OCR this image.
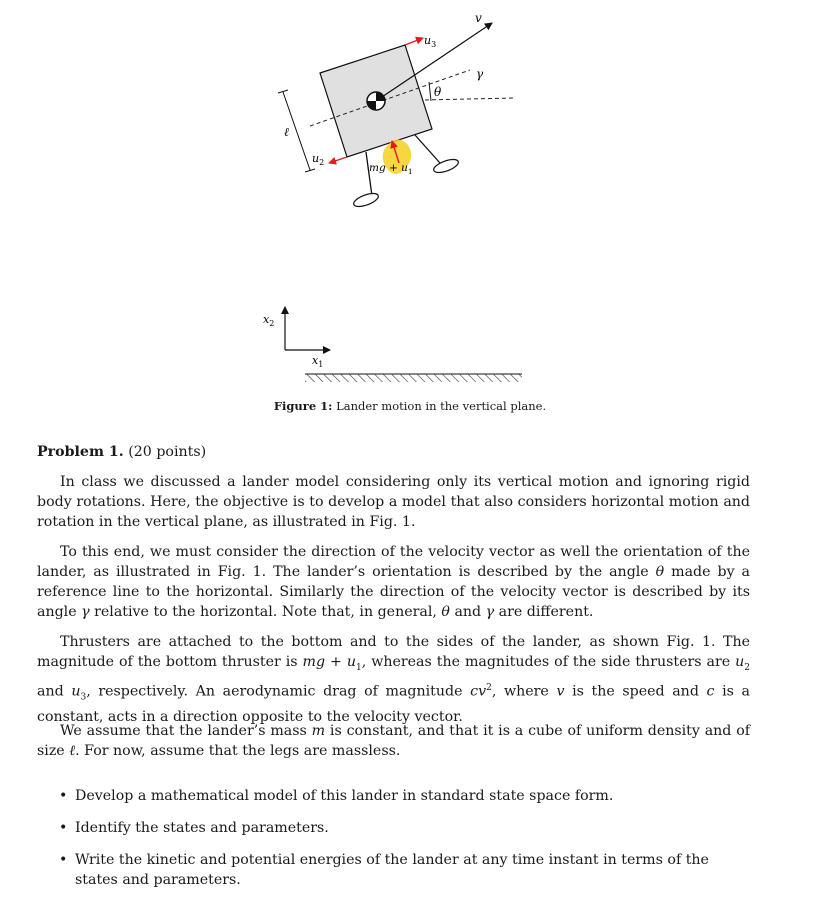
v
$u_3$
γ
θ
ℓ
$u_2$	mg + $u_1$
$x_2$
$x_1$
Figure 1: Lander motion in the vertical plane.
Problem 1. (20 points)

In class we discussed a lander model considering only its vertical motion and ignoring rigid body rotations. Here, the objective is to develop a model that also considers horizontal motion and rotation in the vertical plane, as illustrated in Fig. 1.

To this end, we must consider the direction of the velocity vector as well the orientation of the lander, as illustrated in Fig. 1. The lander’s orientation is described by the angle θ made by a reference line to the horizontal. Similarly the direction of the velocity vector is described by its angle γ relative to the horizontal. Note that, in general, θ and γ are different.

Thrusters are attached to the bottom and to the sides of the lander, as shown Fig. 1. The magnitude of the bottom thruster is mg + $u_1$, whereas the magnitudes of the side thrusters are $u_2$ and $u_3$, respectively. An aerodynamic drag of magnitude $cv^2$, where v is the speed and c is a constant, acts in a direction opposite to the velocity vector.

We assume that the lander’s mass m is constant, and that it is a cube of uniform density and of size ℓ. For now, assume that the legs are massless.

• Develop a mathematical model of this lander in standard state space form.
• Identify the states and parameters.
• Write the kinetic and potential energies of the lander at any time instant in terms of the states and parameters.
